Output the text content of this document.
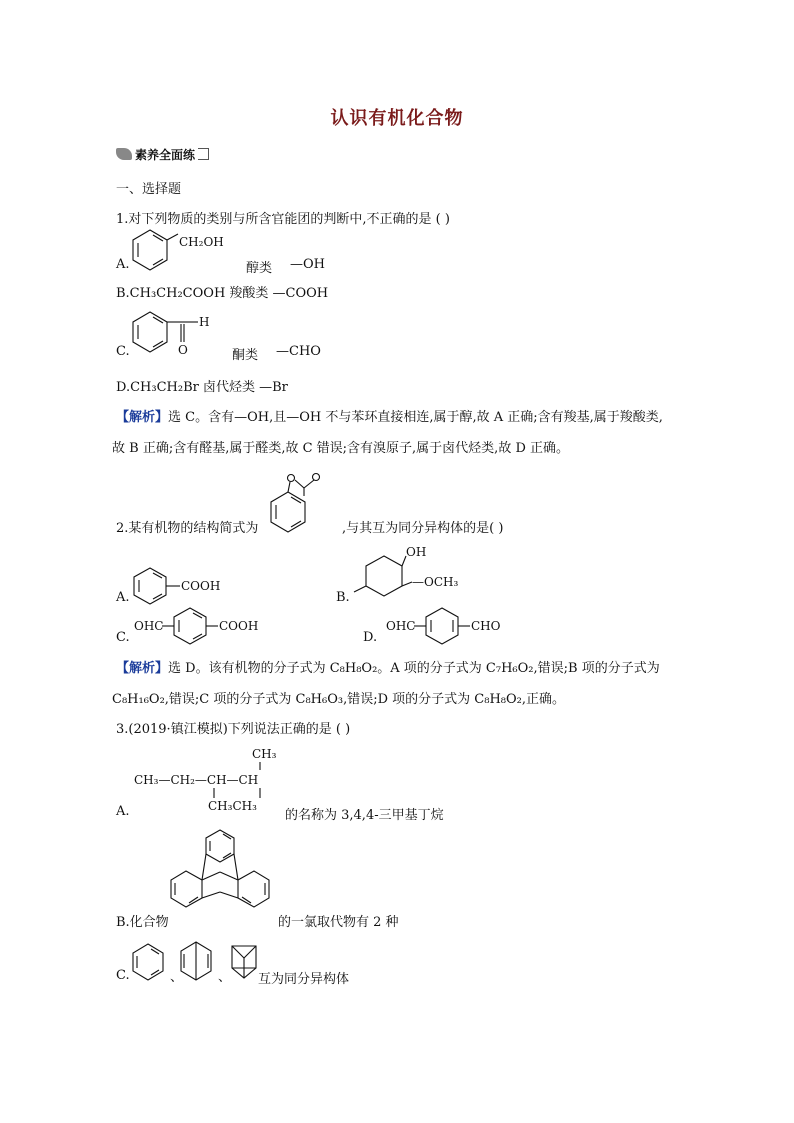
认识有机化合物
素养全面练
一、选择题
1.对下列物质的类别与所含官能团的判断中,不正确的是 ( )
A.
CH₂OH
醇类 —OH
B.CH₃CH₂COOH 羧酸类 —COOH
C.
H
O	酮类 —CHO
D.CH₃CH₂Br 卤代烃类 —Br
【解析】选 C。含有—OH,且—OH 不与苯环直接相连,属于醇,故 A 正确;含有羧基,属于羧酸类,
故 B 正确;含有醛基,属于醛类,故 C 错误;含有溴原子,属于卤代烃类,故 D 正确。
2.某有机物的结构简式为	,与其互为同分异构体的是( )
A.
COOH
B.
OH
—OCH₃
C.
OHC	COOH
D.
OHC	CHO
【解析】选 D。该有机物的分子式为 C₈H₈O₂。A 项的分子式为 C₇H₆O₂,错误;B 项的分子式为
C₈H₁₆O₂,错误;C 项的分子式为 C₈H₆O₃,错误;D 项的分子式为 C₈H₈O₂,正确。
3.(2019·镇江模拟)下列说法正确的是 ( )
A.
CH₃
CH₃—CH₂—CH—CH
CH₃CH₃
的名称为 3,4,4-三甲基丁烷
B.化合物	的一氯取代物有 2 种
C.	、	、 互为同分异构体
